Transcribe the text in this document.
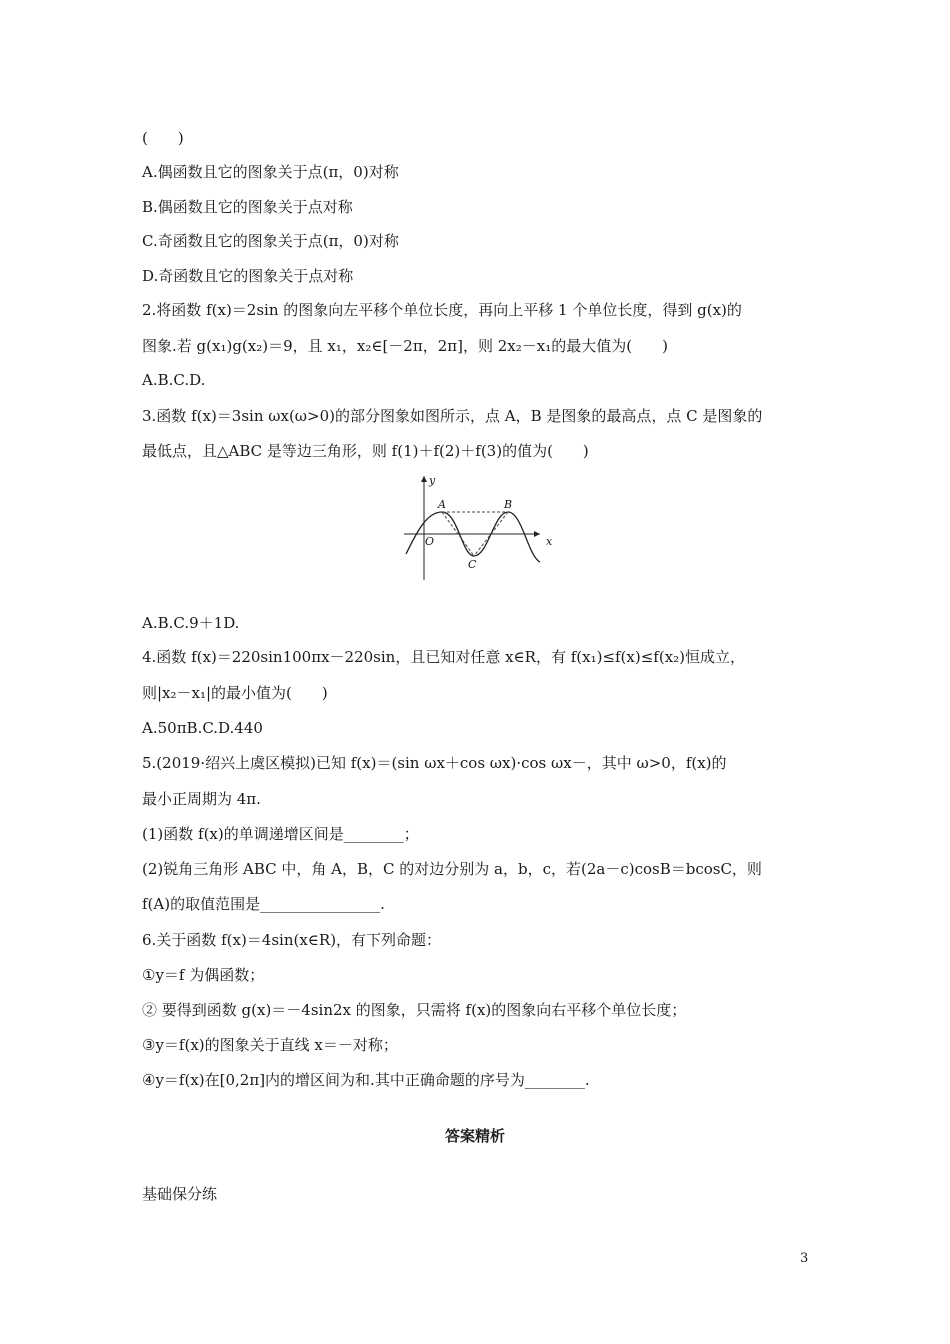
(　　)
A.偶函数且它的图象关于点(π，0)对称
B.偶函数且它的图象关于点对称
C.奇函数且它的图象关于点(π，0)对称
D.奇函数且它的图象关于点对称
2.将函数 f(x)＝2sin 的图象向左平移个单位长度，再向上平移 1 个单位长度，得到 g(x)的
图象.若 g(x₁)g(x₂)＝9，且 x₁，x₂∈[－2π，2π]，则 2x₂－x₁的最大值为(　　)
A.B.C.D.
3.函数 f(x)＝3sin ωx(ω>0)的部分图象如图所示，点 A，B 是图象的最高点，点 C 是图象的
最低点，且△ABC 是等边三角形，则 f(1)＋f(2)＋f(3)的值为(　　)
x
y
O
A	B
C
A.B.C.9＋1D.
4.函数 f(x)＝220sin100πx－220sin，且已知对任意 x∈R，有 f(x₁)≤f(x)≤f(x₂)恒成立，
则|x₂－x₁|的最小值为(　　)
A.50πB.C.D.440
5.(2019·绍兴上虞区模拟)已知 f(x)＝(sin ωx＋cos ωx)·cos ωx－，其中 ω>0，f(x)的
最小正周期为 4π.
(1)函数 f(x)的单调递增区间是________；
(2)锐角三角形 ABC 中，角 A，B，C 的对边分别为 a，b，c，若(2a－c)cosB＝bcosC，则
f(A)的取值范围是________________.
6.关于函数 f(x)＝4sin(x∈R)，有下列命题：
①y＝f 为偶函数；
② 要得到函数 g(x)＝－4sin2x 的图象，只需将 f(x)的图象向右平移个单位长度；
③y＝f(x)的图象关于直线 x＝－对称；
④y＝f(x)在[0,2π]内的增区间为和.其中正确命题的序号为________.
答案精析
基础保分练
3
